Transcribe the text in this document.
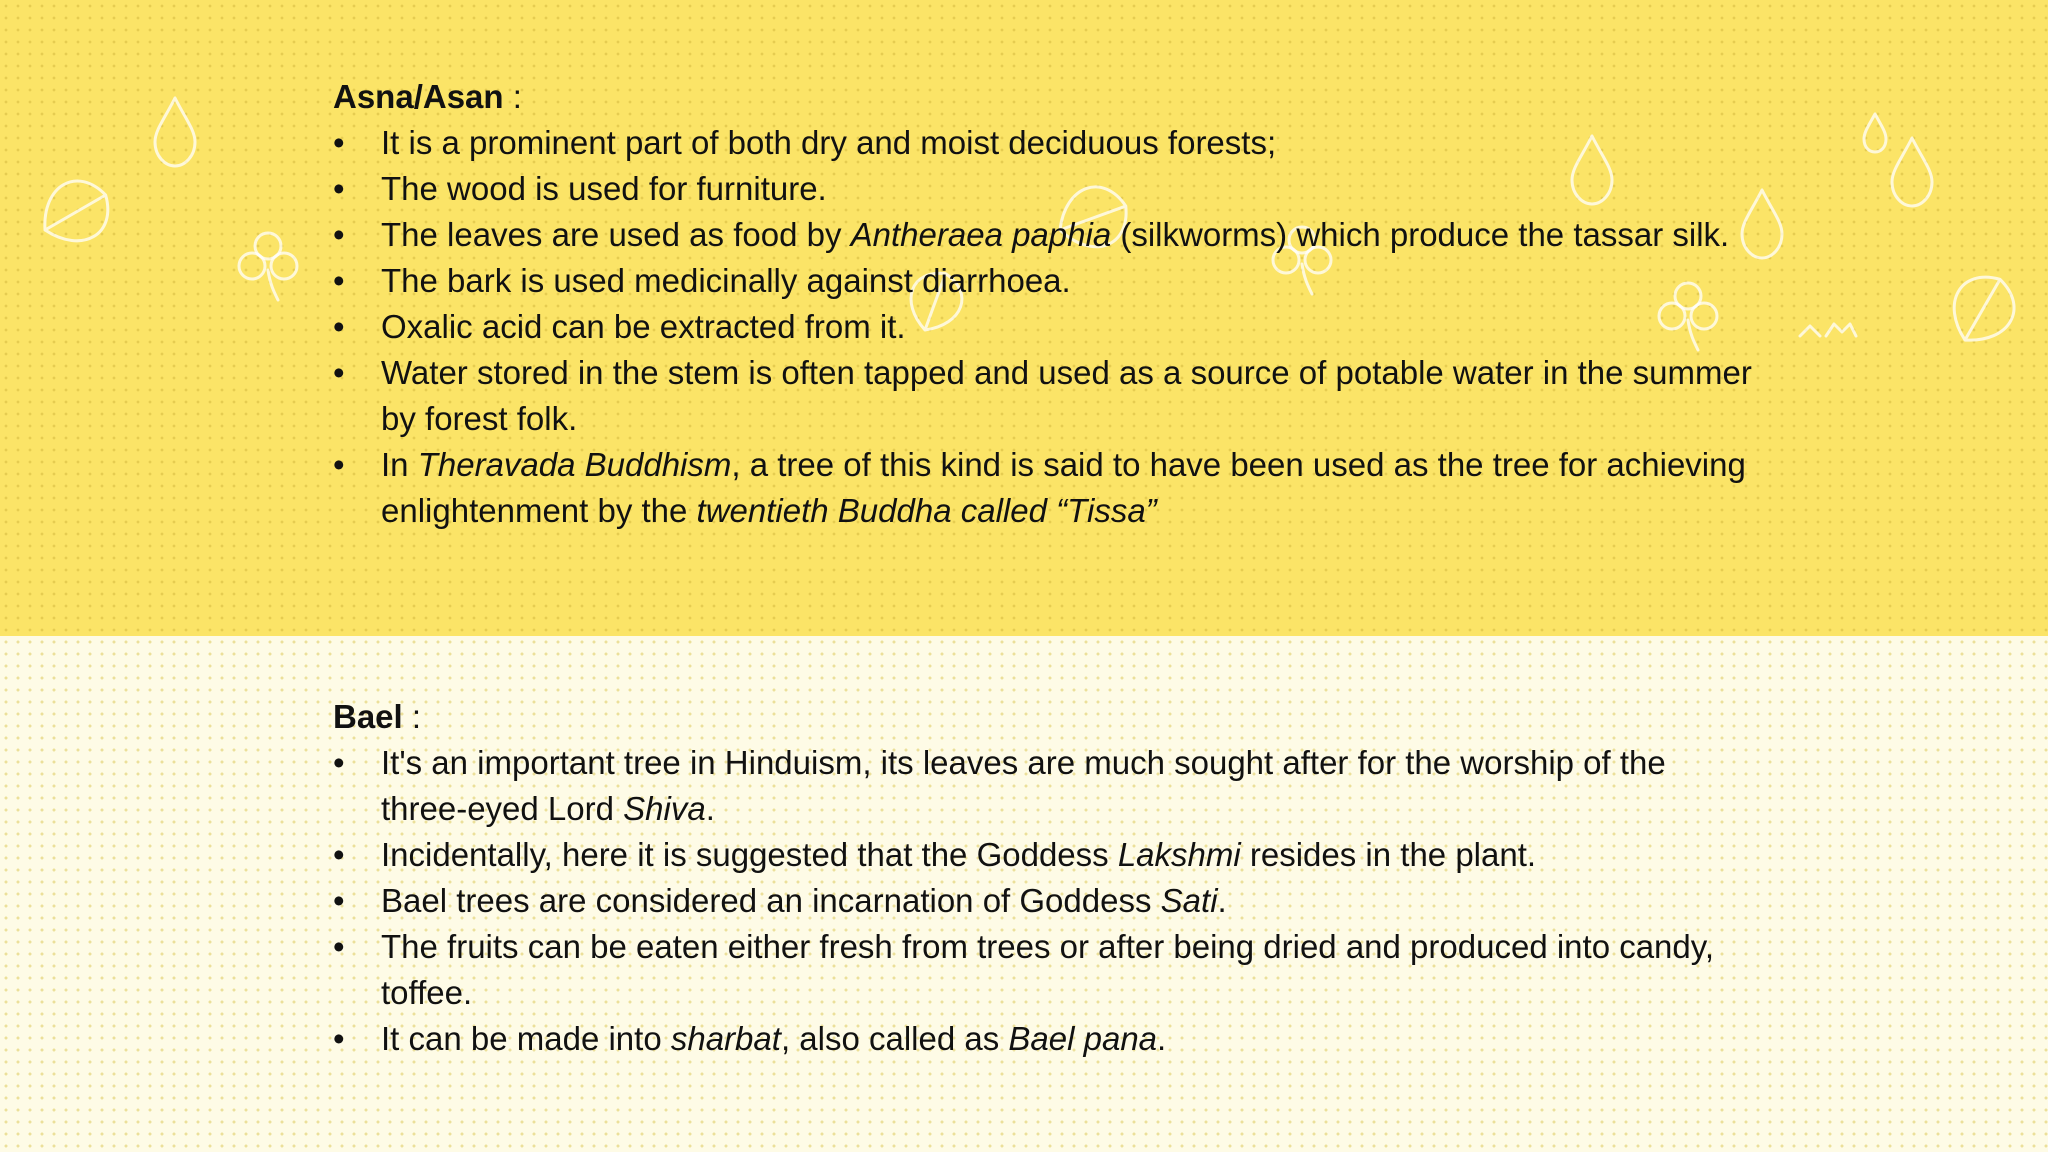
Asna/Asan :

• It is a prominent part of both dry and moist deciduous forests;
• The wood is used for furniture.
• The leaves are used as food by Antheraea paphia (silkworms) which produce the tassar silk.
• The bark is used medicinally against diarrhoea.
• Oxalic acid can be extracted from it.
• Water stored in the stem is often tapped and used as a source of potable water in the summer by forest folk.
• In Theravada Buddhism, a tree of this kind is said to have been used as the tree for achieving enlightenment by the twentieth Buddha called “Tissa”

Bael :

• It's an important tree in Hinduism, its leaves are much sought after for the worship of the three-eyed Lord Shiva.
• Incidentally, here it is suggested that the Goddess Lakshmi resides in the plant.
• Bael trees are considered an incarnation of Goddess Sati.
• The fruits can be eaten either fresh from trees or after being dried and produced into candy, toffee.
• It can be made into sharbat, also called as Bael pana.
